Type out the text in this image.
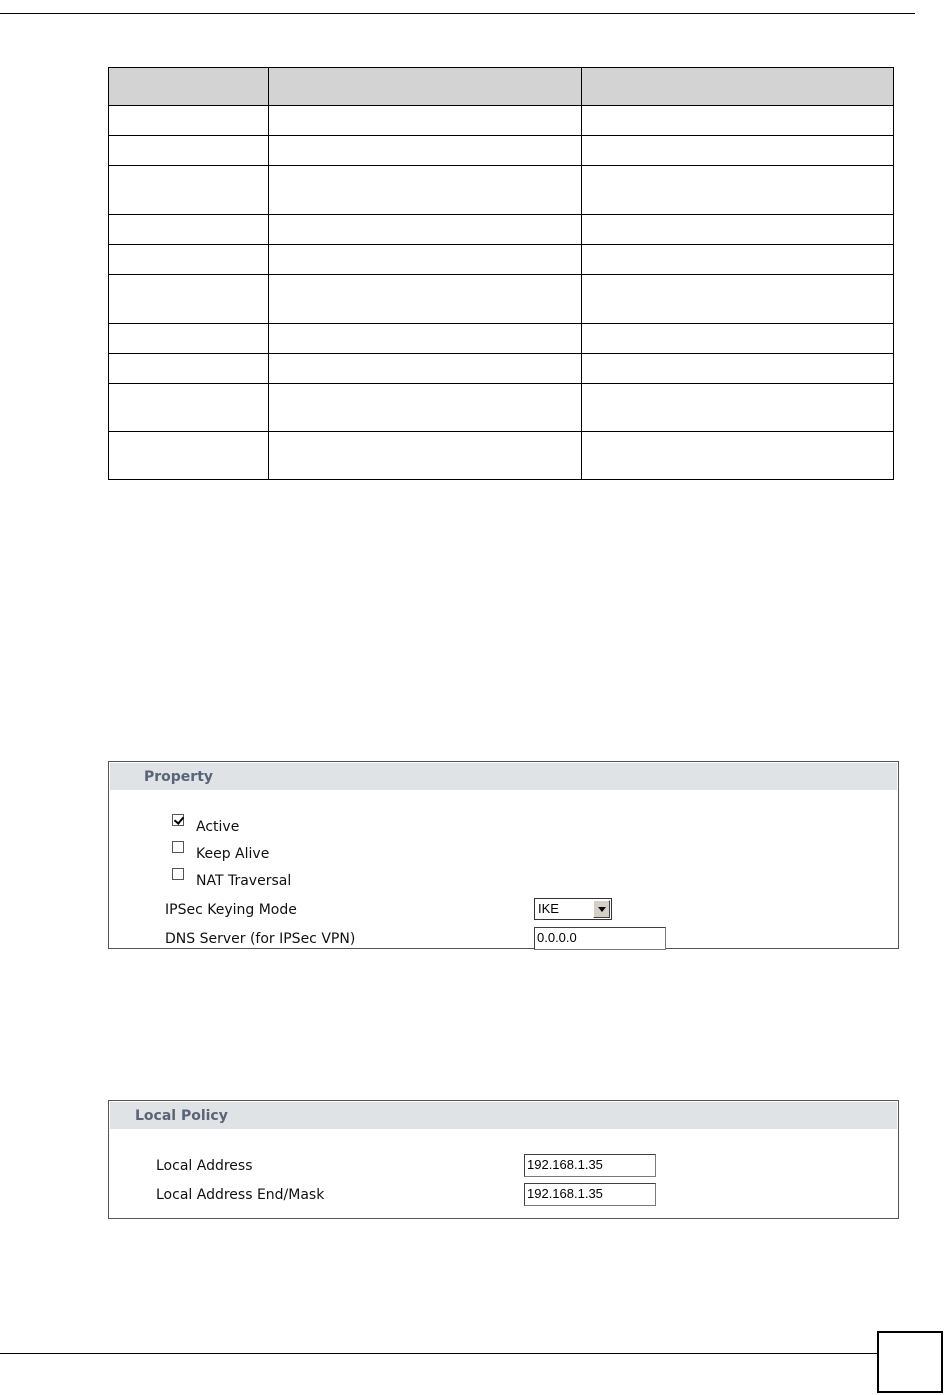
Property
Active
Keep Alive
NAT Traversal
IPSec Keying Mode	IKE
DNS Server (for IPSec VPN)	0.0.0.0
Local Policy
Local Address	192.168.1.35
Local Address End/Mask	192.168.1.35
